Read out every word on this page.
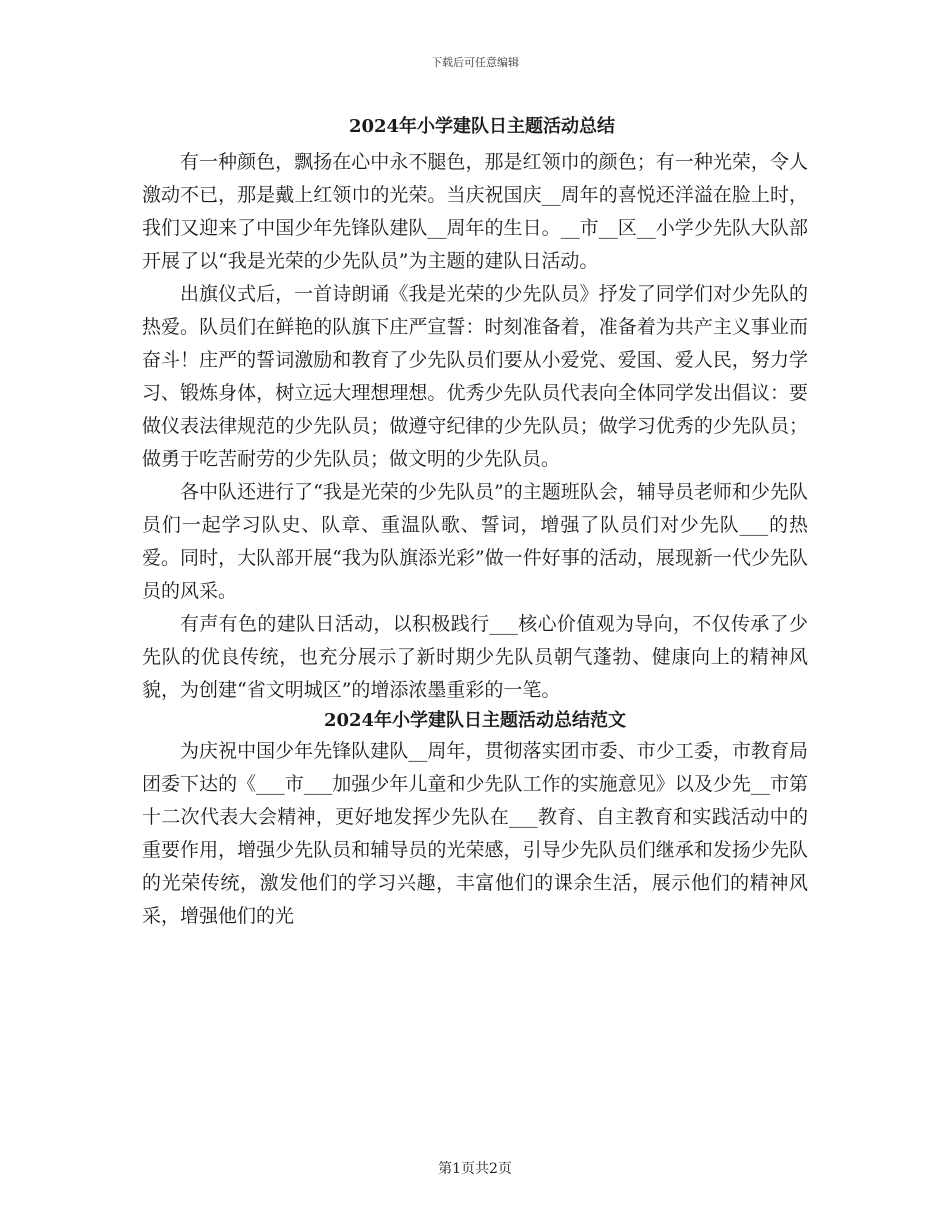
下载后可任意编辑
2024年小学建队日主题活动总结

有一种颜色，飘扬在心中永不腿色，那是红领巾的颜色；有一种光荣，令人激动不已，那是戴上红领巾的光荣。当庆祝国庆__周年的喜悦还洋溢在脸上时，我们又迎来了中国少年先锋队建队__周年的生日。__市__区__小学少先队大队部开展了以“我是光荣的少先队员”为主题的建队日活动。

出旗仪式后，一首诗朗诵《我是光荣的少先队员》抒发了同学们对少先队的热爱。队员们在鲜艳的队旗下庄严宣誓：时刻准备着，准备着为共产主义事业而奋斗！庄严的誓词激励和教育了少先队员们要从小爱党、爱国、爱人民，努力学习、锻炼身体，树立远大理想理想。优秀少先队员代表向全体同学发出倡议：要做仪表法律规范的少先队员；做遵守纪律的少先队员；做学习优秀的少先队员；做勇于吃苦耐劳的少先队员；做文明的少先队员。

各中队还进行了“我是光荣的少先队员”的主题班队会，辅导员老师和少先队员们一起学习队史、队章、重温队歌、誓词，增强了队员们对少先队___的热爱。同时，大队部开展“我为队旗添光彩”做一件好事的活动，展现新一代少先队员的风采。

有声有色的建队日活动，以积极践行___核心价值观为导向，不仅传承了少先队的优良传统，也充分展示了新时期少先队员朝气蓬勃、健康向上的精神风貌，为创建“省文明城区”的增添浓墨重彩的一笔。

2024年小学建队日主题活动总结范文

为庆祝中国少年先锋队建队__周年，贯彻落实团市委、市少工委，市教育局团委下达的《___市___加强少年儿童和少先队工作的实施意见》以及少先__市第十二次代表大会精神，更好地发挥少先队在___教育、自主教育和实践活动中的重要作用，增强少先队员和辅导员的光荣感，引导少先队员们继承和发扬少先队的光荣传统，激发他们的学习兴趣，丰富他们的课余生活，展示他们的精神风采，增强他们的光

第1页共2页
